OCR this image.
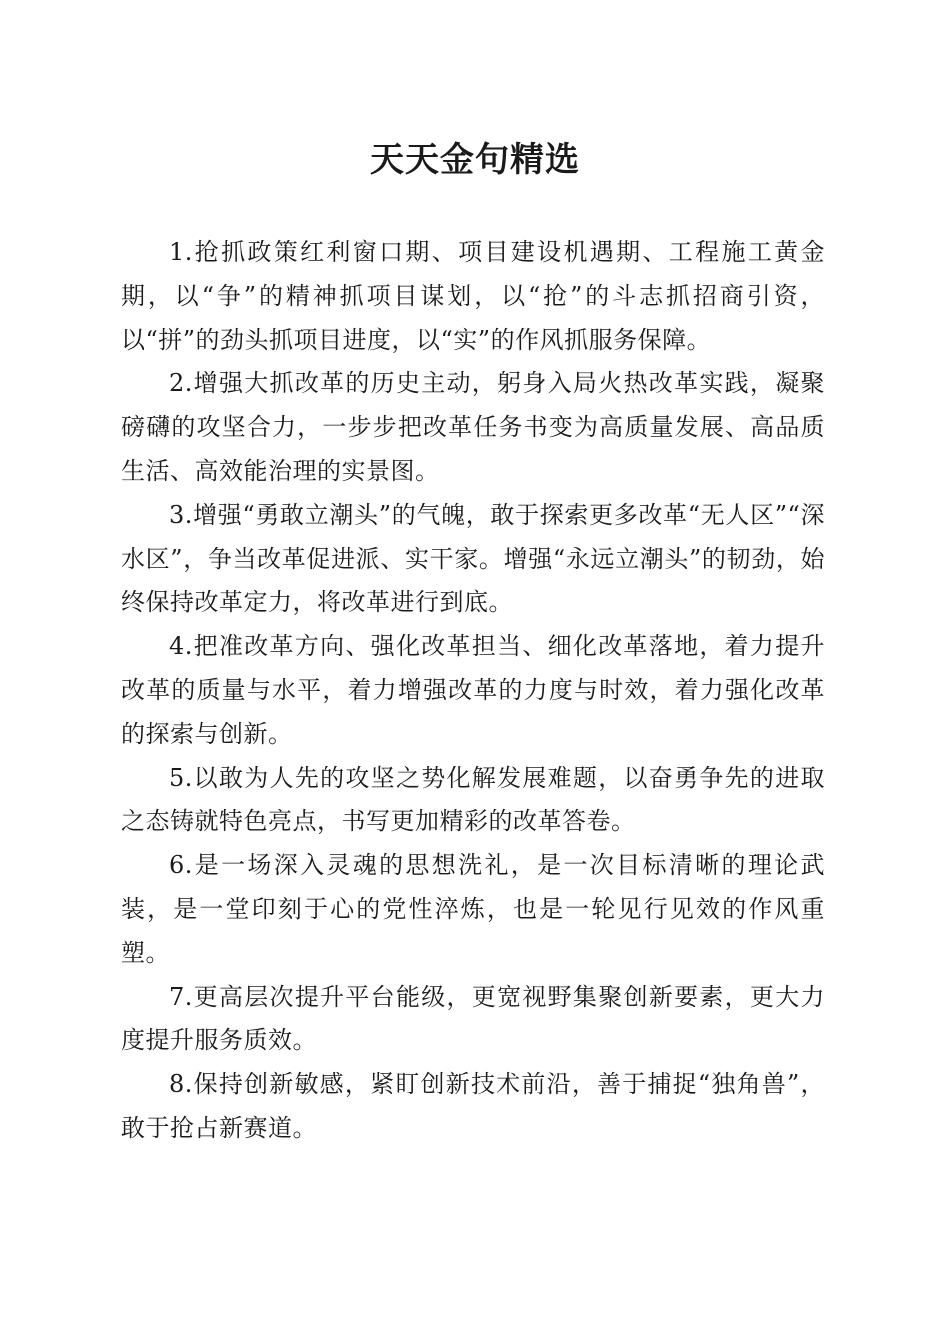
天天金句精选

1.抢抓政策红利窗口期、项目建设机遇期、工程施工黄金期，以“争”的精神抓项目谋划，以“抢”的斗志抓招商引资，以“拼”的劲头抓项目进度，以“实”的作风抓服务保障。

2.增强大抓改革的历史主动，躬身入局火热改革实践，凝聚磅礴的攻坚合力，一步步把改革任务书变为高质量发展、高品质生活、高效能治理的实景图。

3.增强“勇敢立潮头”的气魄，敢于探索更多改革“无人区”“深水区”，争当改革促进派、实干家。增强“永远立潮头”的韧劲，始终保持改革定力，将改革进行到底。

4.把准改革方向、强化改革担当、细化改革落地，着力提升改革的质量与水平，着力增强改革的力度与时效，着力强化改革的探索与创新。

5.以敢为人先的攻坚之势化解发展难题，以奋勇争先的进取之态铸就特色亮点，书写更加精彩的改革答卷。

6.是一场深入灵魂的思想洗礼，是一次目标清晰的理论武装，是一堂印刻于心的党性淬炼，也是一轮见行见效的作风重塑。

7.更高层次提升平台能级，更宽视野集聚创新要素，更大力度提升服务质效。

8.保持创新敏感，紧盯创新技术前沿，善于捕捉“独角兽”，敢于抢占新赛道。
